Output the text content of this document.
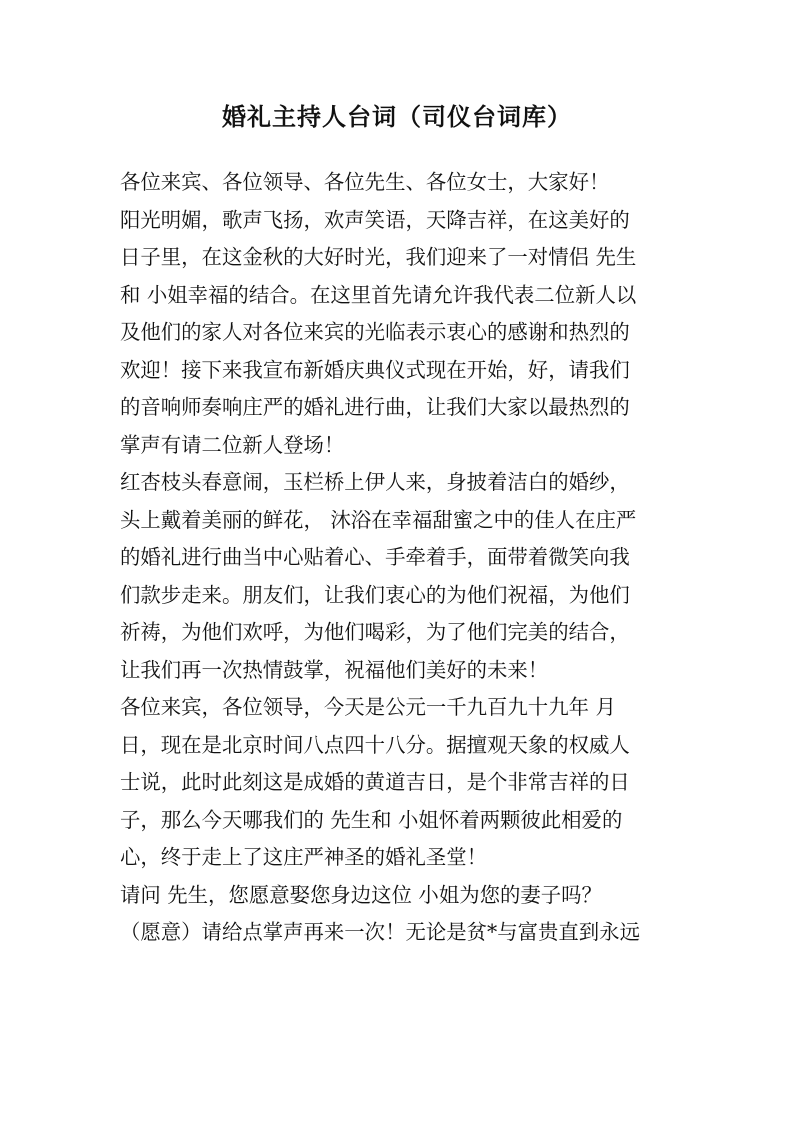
婚礼主持人台词（司仪台词库）
各位来宾、各位领导、各位先生、各位女士，大家好！
阳光明媚，歌声飞扬，欢声笑语，天降吉祥，在这美好的
日子里，在这金秋的大好时光，我们迎来了一对情侣 先生
和 小姐幸福的结合。在这里首先请允许我代表二位新人以
及他们的家人对各位来宾的光临表示衷心的感谢和热烈的
欢迎！接下来我宣布新婚庆典仪式现在开始，好，请我们
的音响师奏响庄严的婚礼进行曲，让我们大家以最热烈的
掌声有请二位新人登场！
红杏枝头春意闹，玉栏桥上伊人来，身披着洁白的婚纱，
头上戴着美丽的鲜花， 沐浴在幸福甜蜜之中的佳人在庄严
的婚礼进行曲当中心贴着心、手牵着手，面带着微笑向我
们款步走来。朋友们，让我们衷心的为他们祝福，为他们
祈祷，为他们欢呼，为他们喝彩，为了他们完美的结合，
让我们再一次热情鼓掌，祝福他们美好的未来！
各位来宾，各位领导，今天是公元一千九百九十九年 月
日，现在是北京时间八点四十八分。据擅观天象的权威人
士说，此时此刻这是成婚的黄道吉日，是个非常吉祥的日
子，那么今天哪我们的 先生和 小姐怀着两颗彼此相爱的
心，终于走上了这庄严神圣的婚礼圣堂！
请问 先生，您愿意娶您身边这位 小姐为您的妻子吗？
（愿意）请给点掌声再来一次！无论是贫*与富贵直到永远
